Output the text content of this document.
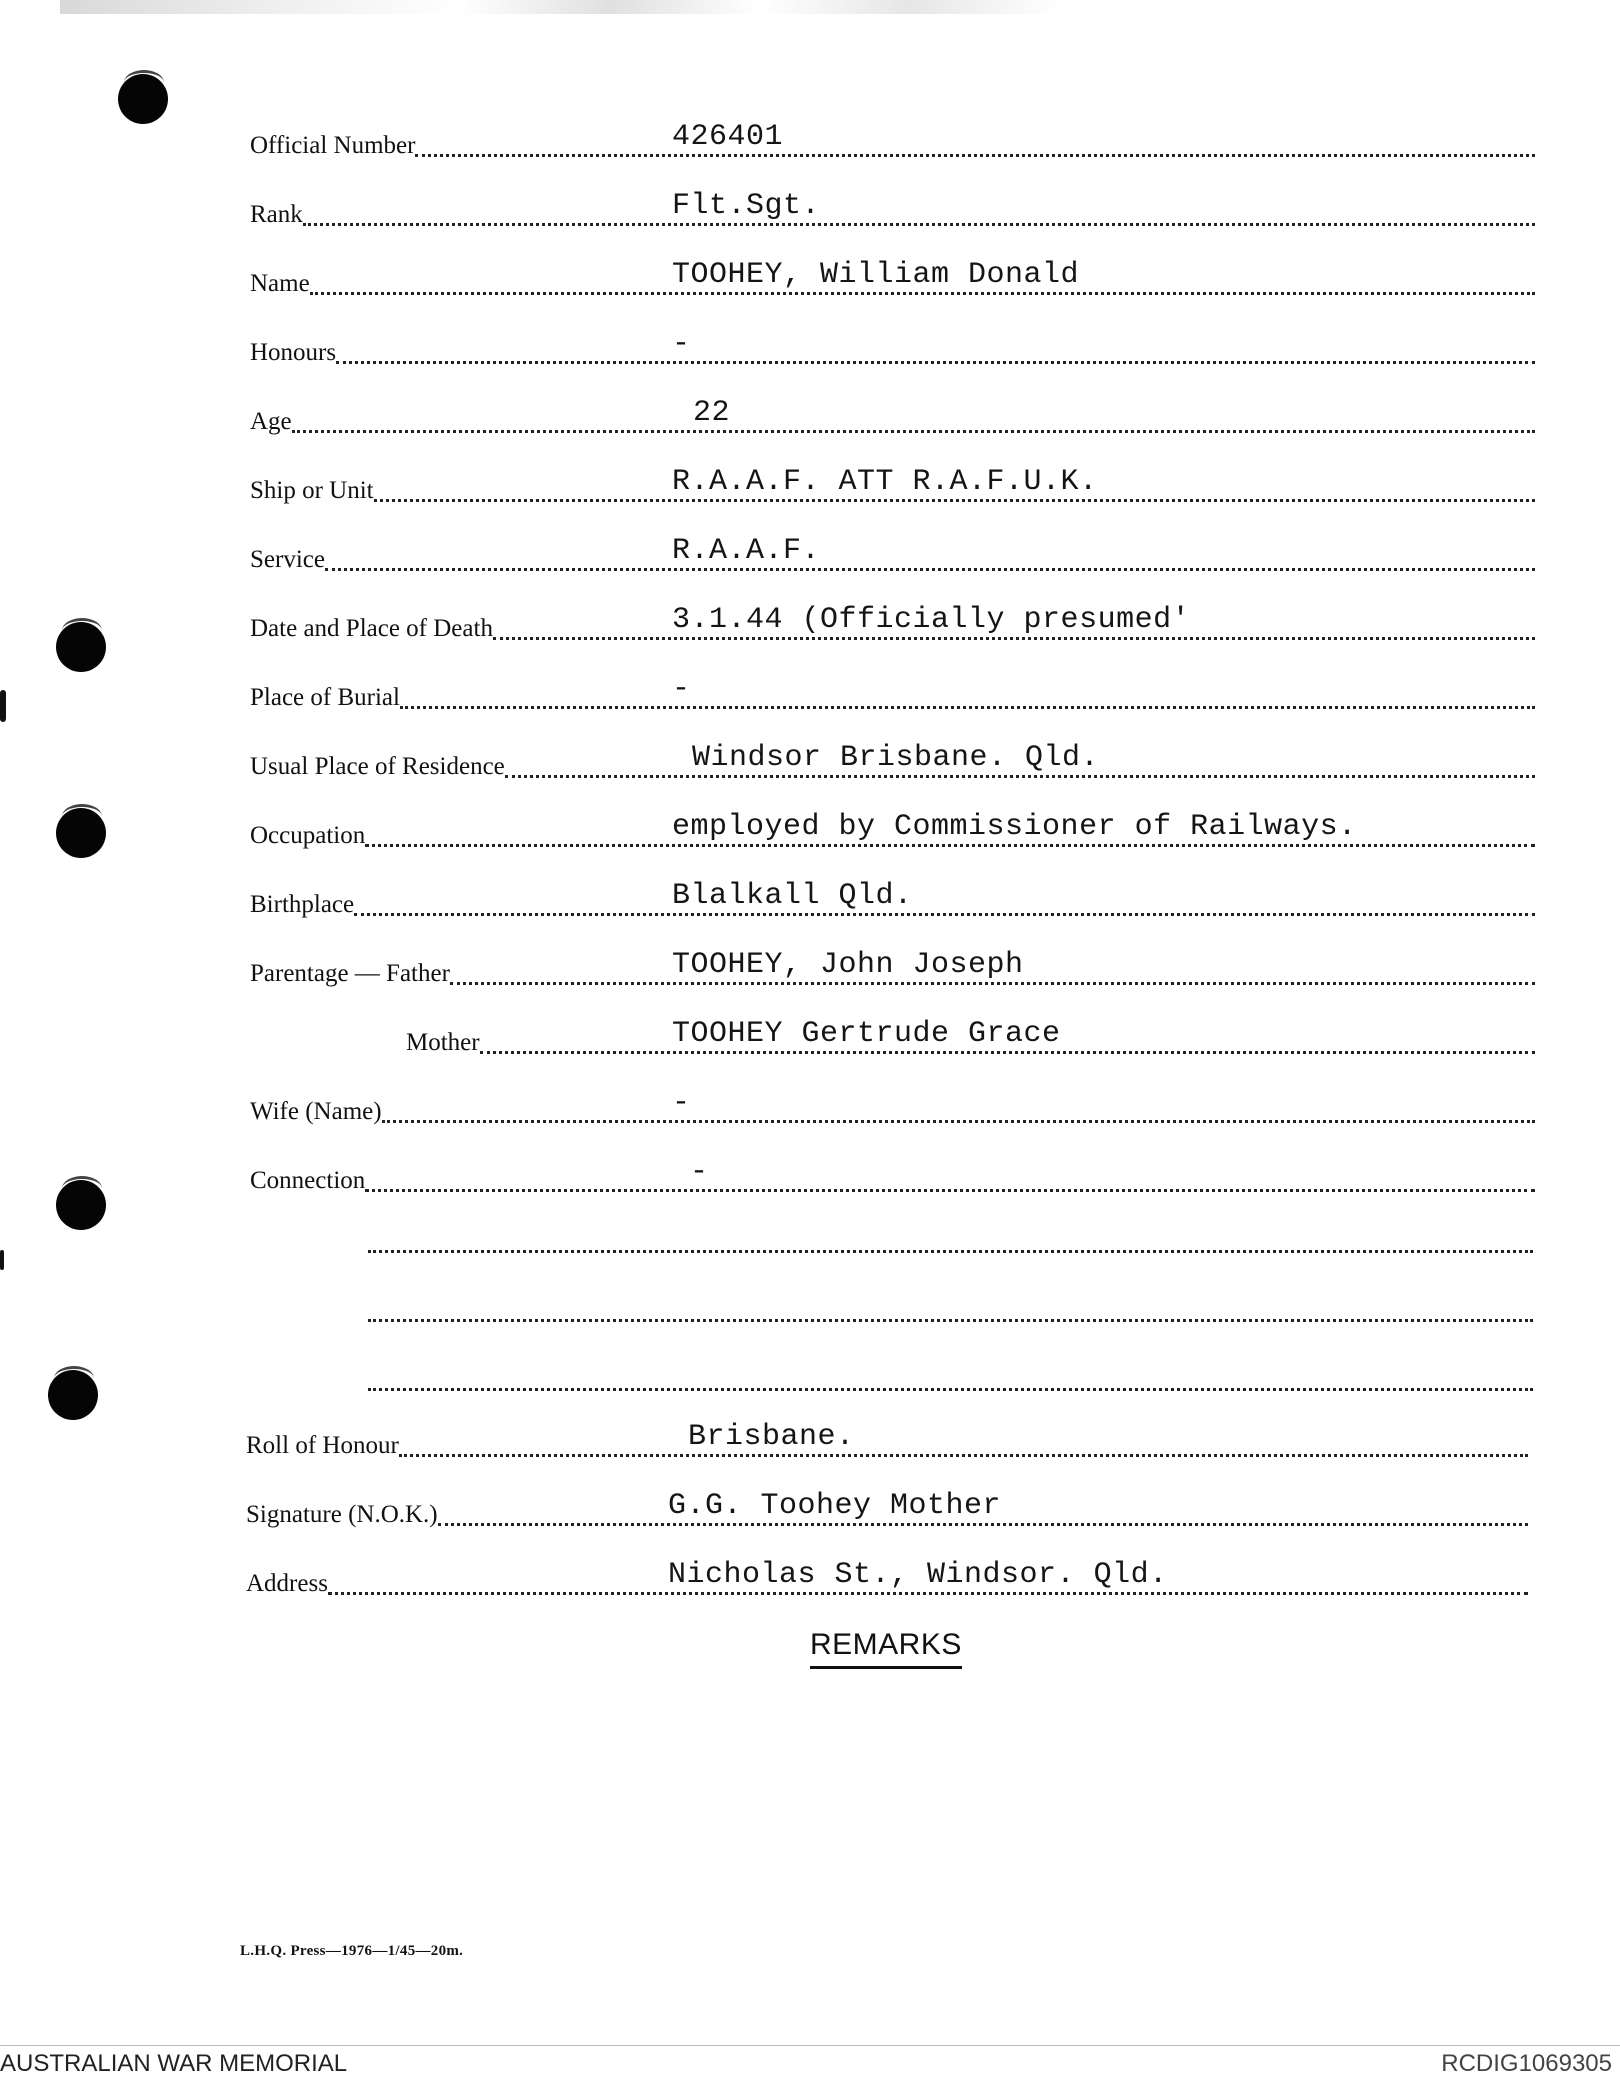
Official Number	426401
Rank	Flt.Sgt.
Name	TOOHEY, William Donald
Honours	-
Age	22
Ship or Unit	R.A.A.F. ATT R.A.F.U.K.
Service	R.A.A.F.
Date and Place of Death	3.1.44 (Officially presumed'
Place of Burial	-
Usual Place of Residence	Windsor Brisbane. Qld.
Occupation	employed by Commissioner of Railways.
Birthplace	Blalkall Qld.
Parentage — Father	TOOHEY, John Joseph
Mother	TOOHEY Gertrude Grace
Wife (Name)	-
Connection	-
Roll of Honour	Brisbane.
Signature (N.O.K.)	G.G. Toohey Mother
Address	Nicholas St., Windsor. Qld.
REMARKS
L.H.Q. Press—1976—1/45—20m.
AUSTRALIAN WAR MEMORIAL	RCDIG1069305
